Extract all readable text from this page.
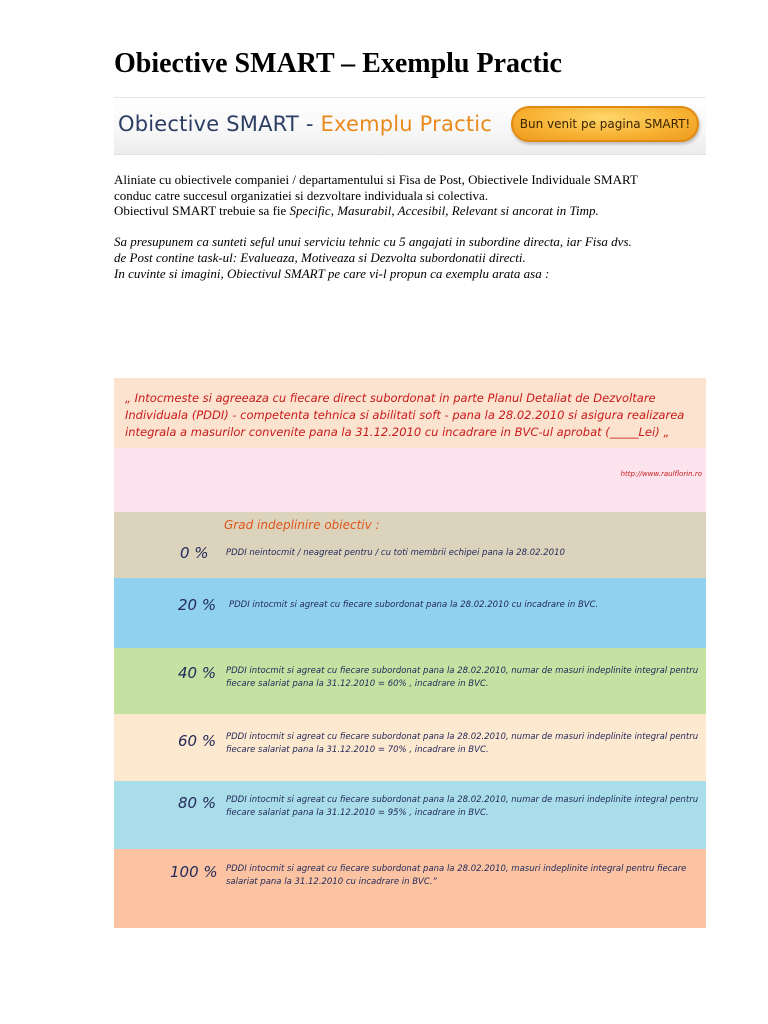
Obiective SMART – Exemplu Practic
Obiective SMART - Exemplu Practic	Bun venit pe pagina SMART!

Aliniate cu obiectivele companiei / departamentului si Fisa de Post, Obiectivele Individuale SMART conduc catre succesul organizatiei si dezvoltare individuala si colectiva.

Obiectivul SMART trebuie sa fie Specific, Masurabil, Accesibil, Relevant si ancorat in Timp.

Sa presupunem ca sunteti seful unui serviciu tehnic cu 5 angajati in subordine directa, iar Fisa dvs. de Post contine task-ul: Evalueaza, Motiveaza si Dezvolta subordonatii directi.

In cuvinte si imagini, Obiectivul SMART pe care vi-l propun ca exemplu arata asa :

„ Intocmeste si agreeaza cu fiecare direct subordonat in parte Planul Detaliat de Dezvoltare Individuala (PDDI) - competenta tehnica si abilitati soft - pana la 28.02.2010 si asigura realizarea integrala a masurilor convenite pana la 31.12.2010 cu incadrare in BVC-ul aprobat (_____Lei) „
http://www.raulflorin.ro
Grad indeplinire obiectiv :
0 % PDDI neintocmit / neagreat pentru / cu toti membrii echipei pana la 28.02.2010
20 % PDDI intocmit si agreat cu fiecare subordonat pana la 28.02.2010 cu incadrare in BVC.
40 % PDDI intocmit si agreat cu fiecare subordonat pana la 28.02.2010, numar de masuri indeplinite integral pentru fiecare salariat pana la 31.12.2010 = 60% , incadrare in BVC.
60 % PDDI intocmit si agreat cu fiecare subordonat pana la 28.02.2010, numar de masuri indeplinite integral pentru fiecare salariat pana la 31.12.2010 = 70% , incadrare in BVC.
80 % PDDI intocmit si agreat cu fiecare subordonat pana la 28.02.2010, numar de masuri indeplinite integral pentru fiecare salariat pana la 31.12.2010 = 95% , incadrare in BVC.
100 % PDDI intocmit si agreat cu fiecare subordonat pana la 28.02.2010, masuri indeplinite integral pentru fiecare salariat pana la 31.12.2010 cu incadrare in BVC.”
